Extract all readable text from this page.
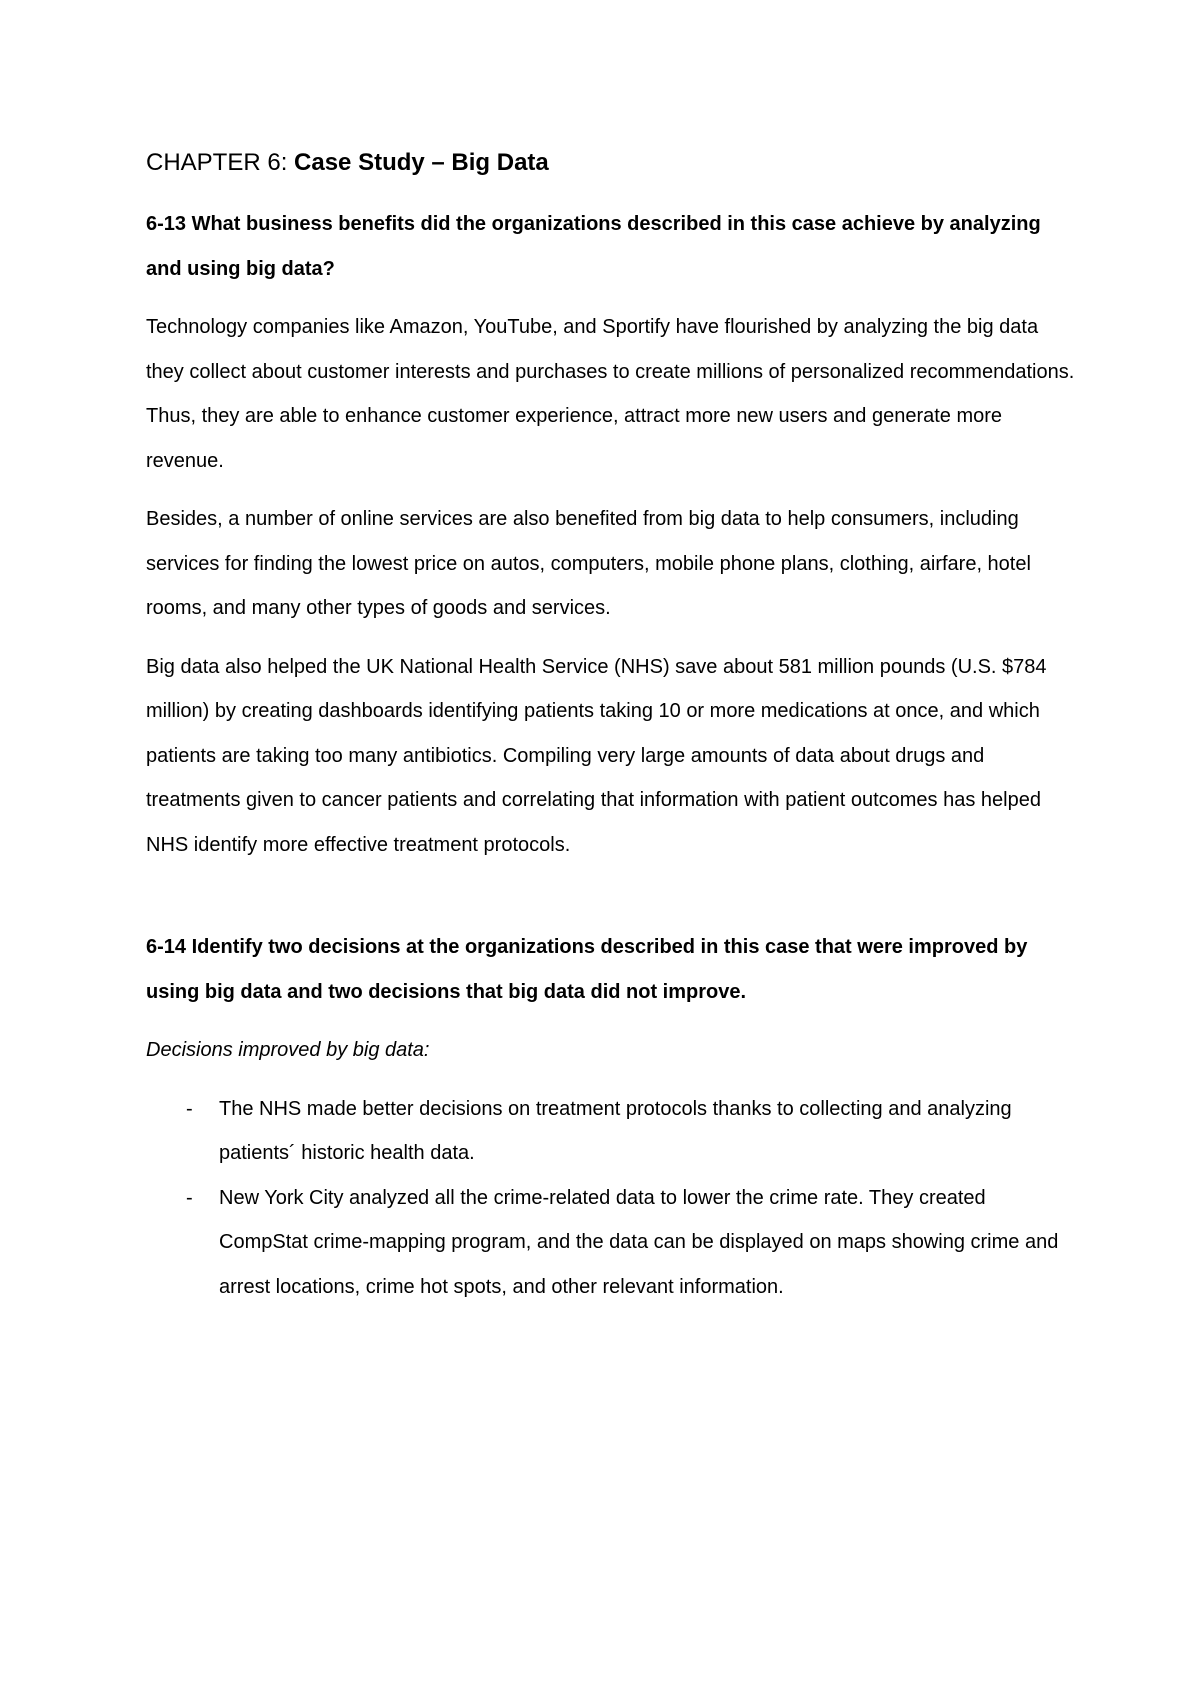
CHAPTER 6: Case Study – Big Data

6-13 What business benefits did the organizations described in this case achieve by analyzing and using big data?

Technology companies like Amazon, YouTube, and Sportify have flourished by analyzing the big data they collect about customer interests and purchases to create millions of personalized recommendations. Thus, they are able to enhance customer experience, attract more new users and generate more revenue.

Besides, a number of online services are also benefited from big data to help consumers, including services for finding the lowest price on autos, computers, mobile phone plans, clothing, airfare, hotel rooms, and many other types of goods and services.

Big data also helped the UK National Health Service (NHS) save about 581 million pounds (U.S. $784 million) by creating dashboards identifying patients taking 10 or more medications at once, and which patients are taking too many antibiotics. Compiling very large amounts of data about drugs and treatments given to cancer patients and correlating that information with patient outcomes has helped NHS identify more effective treatment protocols.

6-14 Identify two decisions at the organizations described in this case that were improved by using big data and two decisions that big data did not improve.

Decisions improved by big data:

- The NHS made better decisions on treatment protocols thanks to collecting and analyzing patients´ historic health data.
- New York City analyzed all the crime-related data to lower the crime rate. They created CompStat crime-mapping program, and the data can be displayed on maps showing crime and arrest locations, crime hot spots, and other relevant information.
